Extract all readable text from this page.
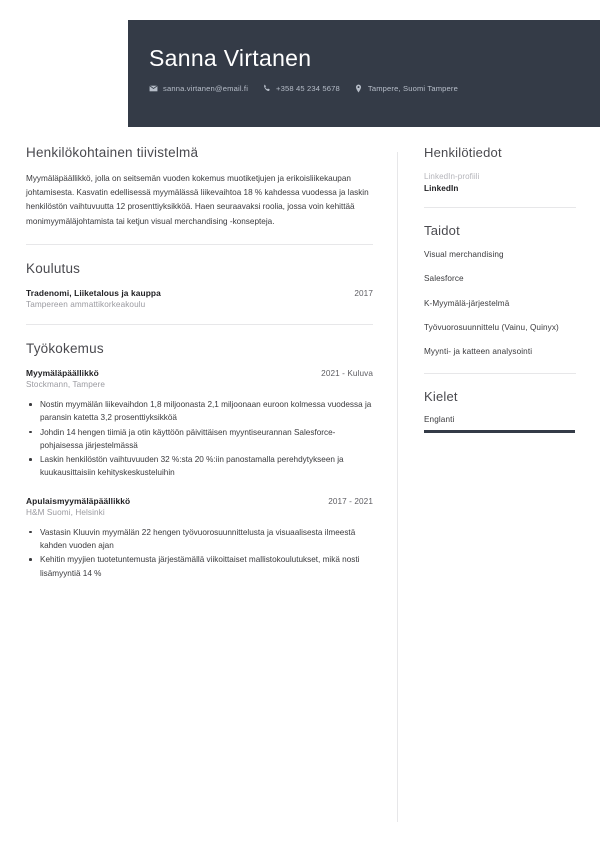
Sanna Virtanen
sanna.virtanen@email.fi	+358 45 234 5678	Tampere, Suomi Tampere
Henkilökohtainen tiivistelmä

Myymäläpäällikkö, jolla on seitsemän vuoden kokemus muotiketjujen ja erikoisliikekaupan johtamisesta. Kasvatin edellisessä myymälässä liikevaihtoa 18 % kahdessa vuodessa ja laskin henkilöstön vaihtuvuutta 12 prosenttiyksikköä. Haen seuraavaksi roolia, jossa voin kehittää monimyymäläjohtamista tai ketjun visual merchandising -konsepteja.

Koulutus
Tradenomi, Liiketalous ja kauppa	2017
Tampereen ammattikorkeakoulu
Työkokemus
Myymäläpäällikkö	2021 - Kuluva
Stockmann, Tampere
Nostin myymälän liikevaihdon 1,8 miljoonasta 2,1 miljoonaan euroon kolmessa vuodessa ja paransin katetta 3,2 prosenttiyksikköä
Johdin 14 hengen tiimiä ja otin käyttöön päivittäisen myyntiseurannan Salesforce-pohjaisessa järjestelmässä
Laskin henkilöstön vaihtuvuuden 32 %:sta 20 %:iin panostamalla perehdytykseen ja kuukausittaisiin kehityskeskusteluihin
Apulaismyymäläpäällikkö	2017 - 2021
H&M Suomi, Helsinki
Vastasin Kluuvin myymälän 22 hengen työvuorosuunnittelusta ja visuaalisesta ilmeestä kahden vuoden ajan
Kehitin myyjien tuotetuntemusta järjestämällä viikoittaiset mallistokoulutukset, mikä nosti lisämyyntiä 14 %
Henkilötiedot
LinkedIn-profiili
LinkedIn
Taidot
Visual merchandising
Salesforce
K-Myymälä-järjestelmä
Työvuorosuunnittelu (Vainu, Quinyx)
Myynti- ja katteen analysointi
Kielet
Englanti
